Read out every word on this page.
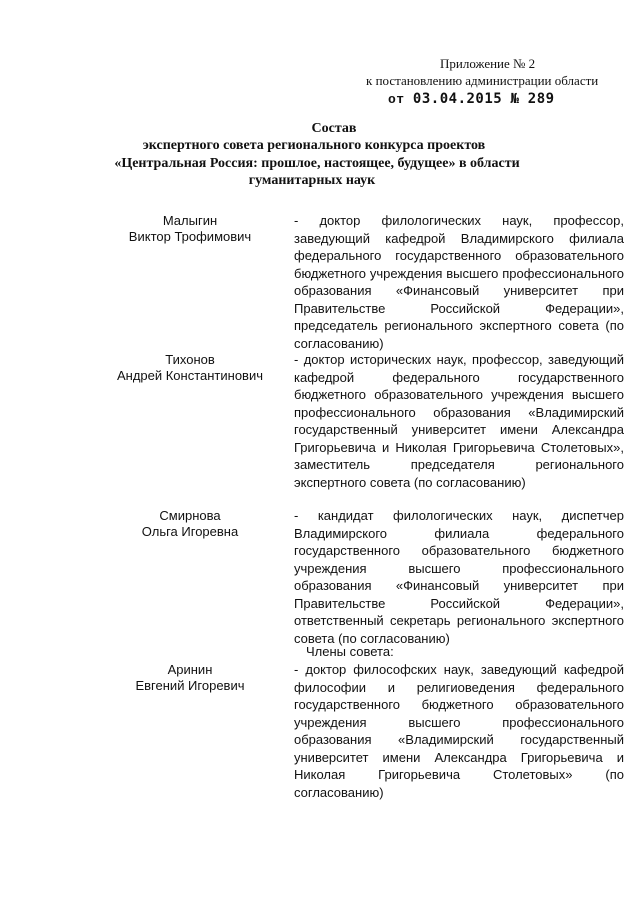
Приложение № 2
к постановлению администрации области
от 03.04.2015 № 289
Состав
экспертного совета регионального конкурса проектов
«Центральная Россия: прошлое, настоящее, будущее» в области
гуманитарных наук
Малыгин
Виктор Трофимович
- доктор филологических наук, профессор, заведующий кафедрой Владимирского филиала федерального государственного образовательного бюджетного учреждения высшего профессионального образования «Финансовый университет при Правительстве Российской Федерации», председатель регионального экспертного совета (по согласованию)
Тихонов
Андрей Константинович
- доктор исторических наук, профессор, заведующий кафедрой федерального государственного бюджетного образовательного учреждения высшего профессионального образования «Владимирский государственный университет имени Александра Григорьевича и Николая Григорьевича Столетовых», заместитель председателя регионального экспертного совета (по согласованию)
Смирнова
Ольга Игоревна
- кандидат филологических наук, диспетчер Владимирского филиала федерального государственного образовательного бюджетного учреждения высшего профессионального образования «Финансовый университет при Правительстве Российской Федерации», ответственный секретарь регионального экспертного совета (по согласованию)
Члены совета:
Аринин
Евгений Игоревич
- доктор философских наук, заведующий кафедрой философии и религиоведения федерального государственного бюджетного образовательного учреждения высшего профессионального образования «Владимирский государственный университет имени Александра Григорьевича и Николая Григорьевича Столетовых» (по согласованию)
